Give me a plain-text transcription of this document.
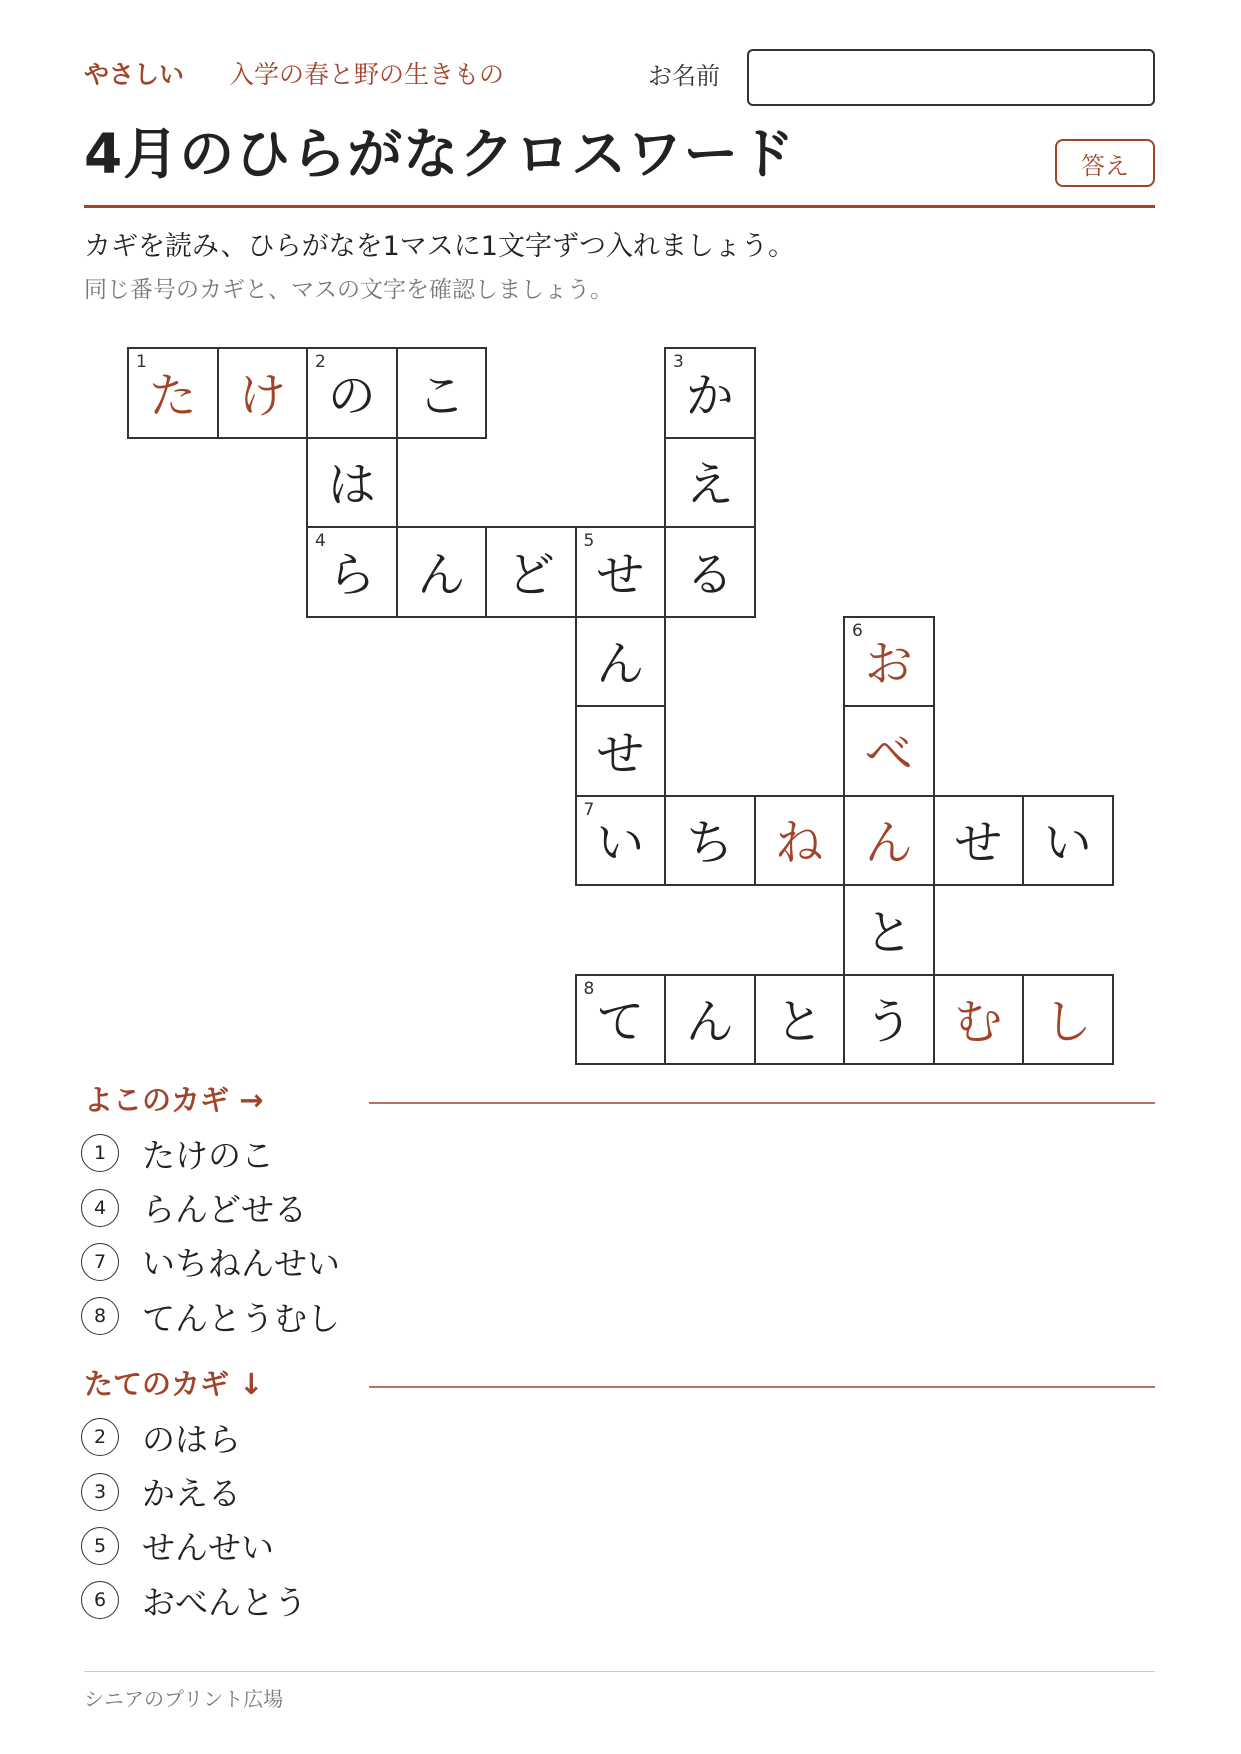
やさしい 入学の春と野の生きもの	お名前
4月のひらがなクロスワード	答え
カギを読み、ひらがなを1マスに1文字ずつ入れましょう。
同じ番号のカギと、マスの文字を確認しましょう。
1
た け
2
の こ
3
か
は	え
4
ら ん ど
5
せ る
ん
6
お
せ	べ
7
い ち ね ん せ い
と
8
て ん と う む し
よこのカギ →
1	たけのこ
4	らんどせる
7	いちねんせい
8	てんとうむし
たてのカギ ↓
2	のはら
3	かえる
5	せんせい
6	おべんとう
シニアのプリント広場
